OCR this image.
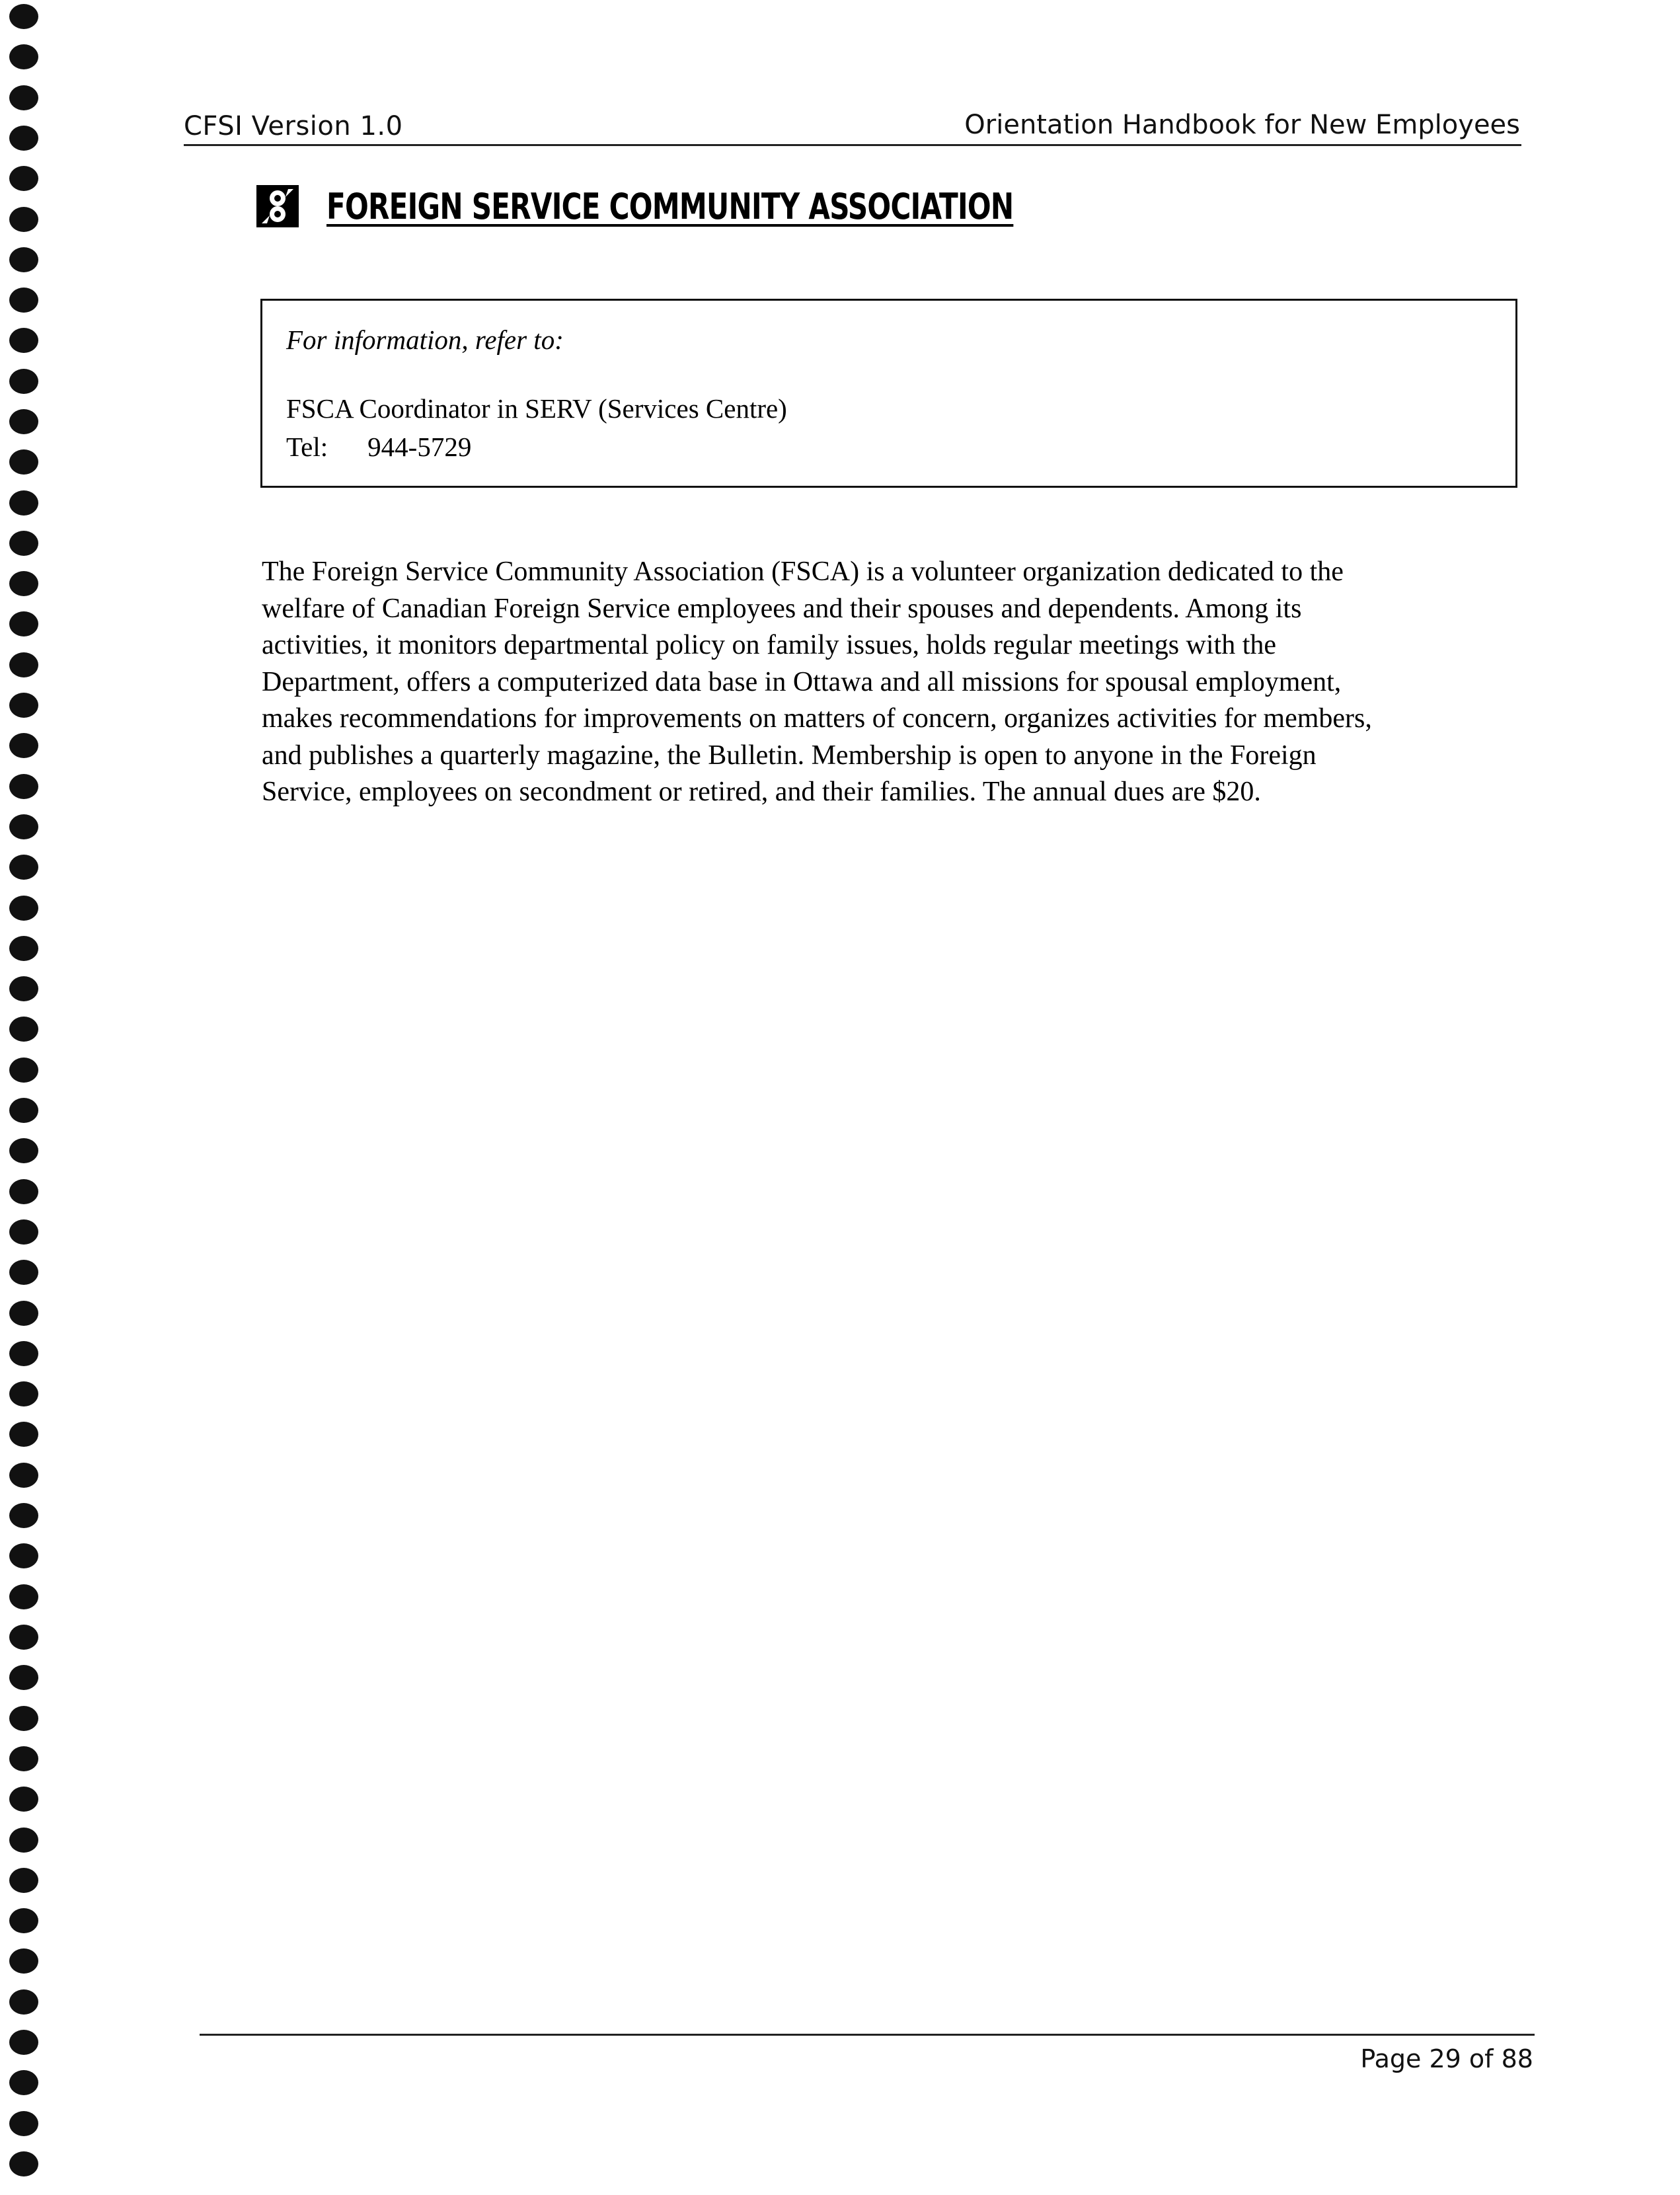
CFSI Version 1.0	Orientation Handbook for New Employees
FOREIGN SERVICE COMMUNITY ASSOCIATION
For information, refer to:
FSCA Coordinator in SERV (Services Centre)
Tel: 944-5729
The Foreign Service Community Association (FSCA) is a volunteer organization dedicated to the
welfare of Canadian Foreign Service employees and their spouses and dependents. Among its
activities, it monitors departmental policy on family issues, holds regular meetings with the
Department, offers a computerized data base in Ottawa and all missions for spousal employment,
makes recommendations for improvements on matters of concern, organizes activities for members,
and publishes a quarterly magazine, the Bulletin. Membership is open to anyone in the Foreign
Service, employees on secondment or retired, and their families. The annual dues are $20.
Page 29 of 88
